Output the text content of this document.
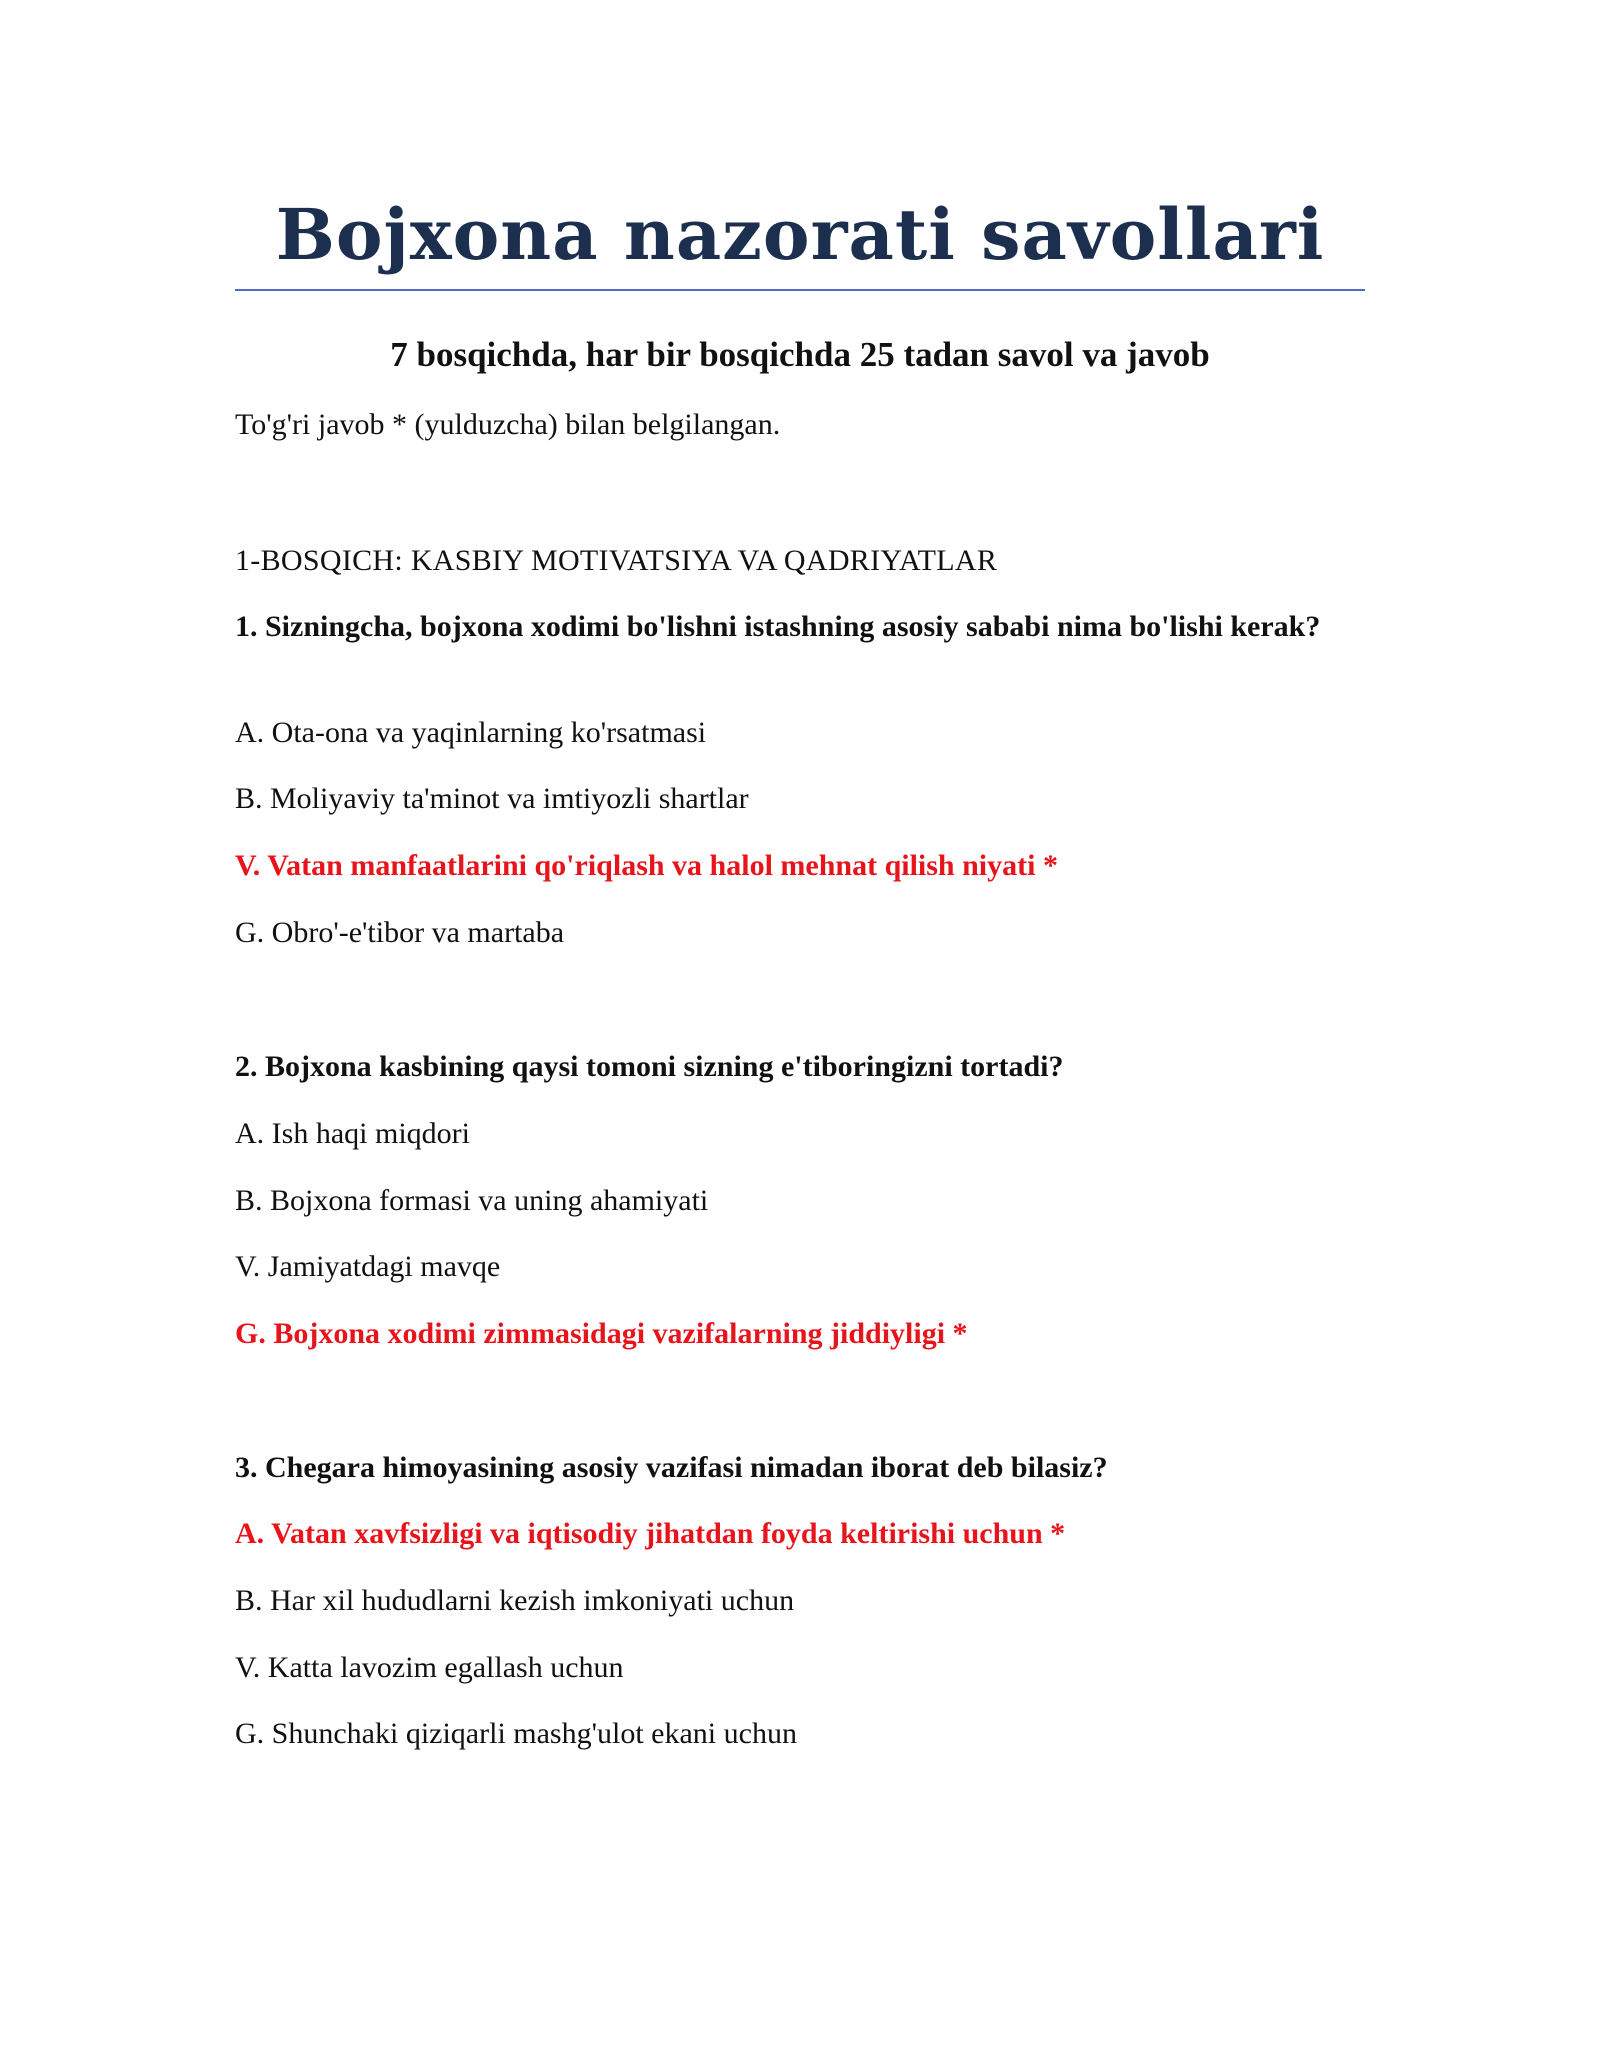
Bojxona nazorati savollari
7 bosqichda, har bir bosqichda 25 tadan savol va javob
To'g'ri javob * (yulduzcha) bilan belgilangan.
1-BOSQICH: KASBIY MOTIVATSIYA VA QADRIYATLAR
1. Sizningcha, bojxona xodimi bo'lishni istashning asosiy sababi nima bo'lishi kerak?
A. Ota-ona va yaqinlarning ko'rsatmasi
B. Moliyaviy ta'minot va imtiyozli shartlar
V. Vatan manfaatlarini qo'riqlash va halol mehnat qilish niyati *
G. Obro'-e'tibor va martaba
2. Bojxona kasbining qaysi tomoni sizning e'tiboringizni tortadi?
A. Ish haqi miqdori
B. Bojxona formasi va uning ahamiyati
V. Jamiyatdagi mavqe
G. Bojxona xodimi zimmasidagi vazifalarning jiddiyligi *
3. Chegara himoyasining asosiy vazifasi nimadan iborat deb bilasiz?
A. Vatan xavfsizligi va iqtisodiy jihatdan foyda keltirishi uchun *
B. Har xil hududlarni kezish imkoniyati uchun
V. Katta lavozim egallash uchun
G. Shunchaki qiziqarli mashg'ulot ekani uchun
